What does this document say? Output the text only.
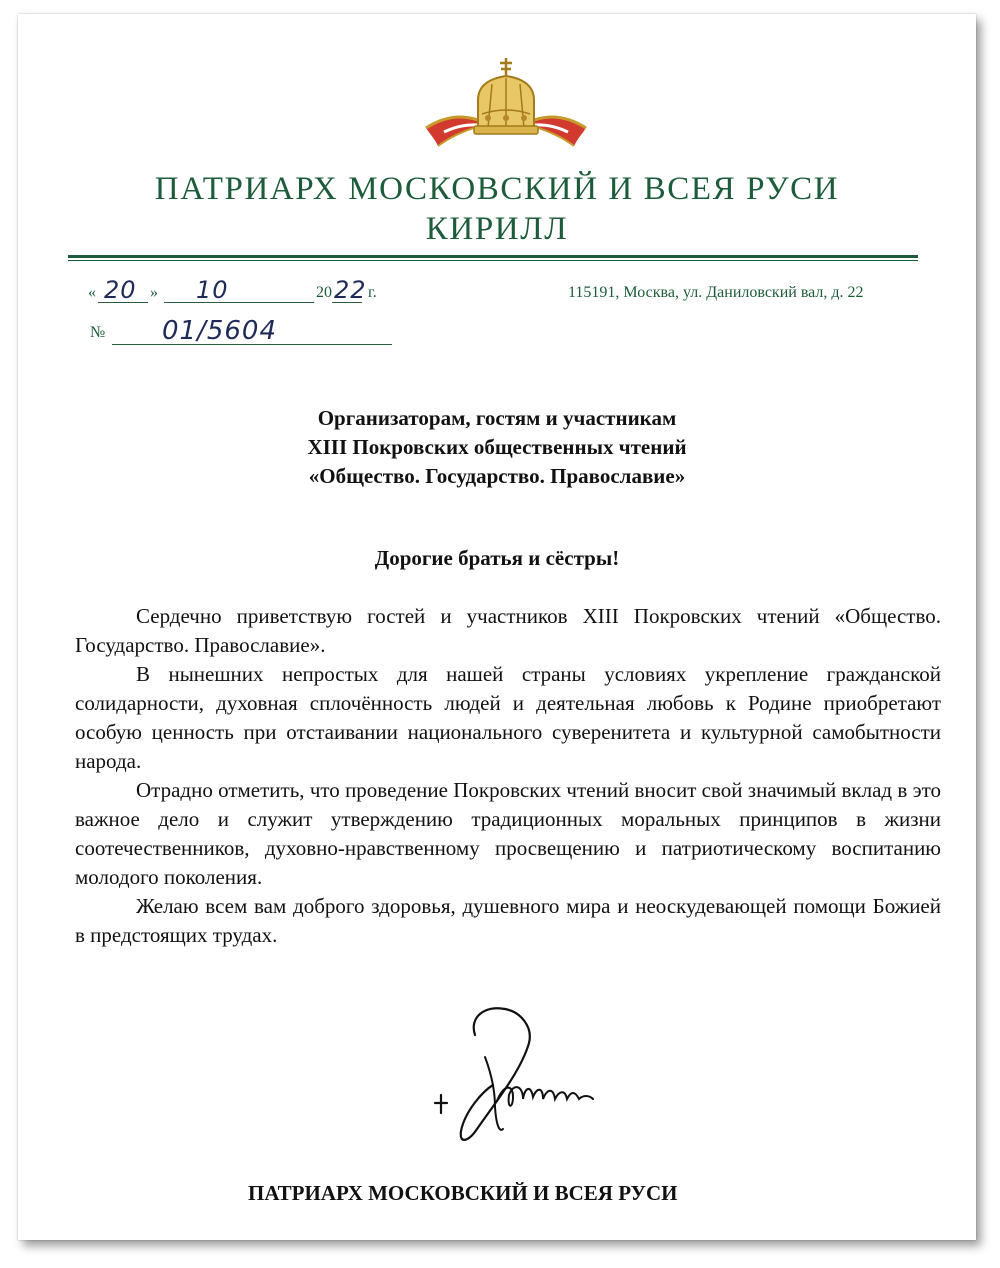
ПАТРИАРХ МОСКОВСКИЙ И ВСЕЯ РУСИ
КИРИЛЛ
« 20 » 10	20 22 г.	115191, Москва, ул. Даниловский вал, д. 22
№ 01/5604
Организаторам, гостям и участникам
XIII Покровских общественных чтений
«Общество. Государство. Православие»
Дорогие братья и сёстры!

Сердечно приветствую гостей и участников XIII Покровских чтений «Общество. Государство. Православие».

В нынешних непростых для нашей страны условиях укрепление гражданской солидарности, духовная сплочённость людей и деятельная любовь к Родине приобретают особую ценность при отстаивании национального суверенитета и культурной самобытности народа.

Отрадно отметить, что проведение Покровских чтений вносит свой значимый вклад в это важное дело и служит утверждению традиционных моральных принципов в жизни соотечественников, духовно-нравственному просвещению и патриотическому воспитанию молодого поколения.

Желаю всем вам доброго здоровья, душевного мира и неоскудевающей помощи Божией в предстоящих трудах.

ПАТРИАРХ МОСКОВСКИЙ И ВСЕЯ РУСИ
